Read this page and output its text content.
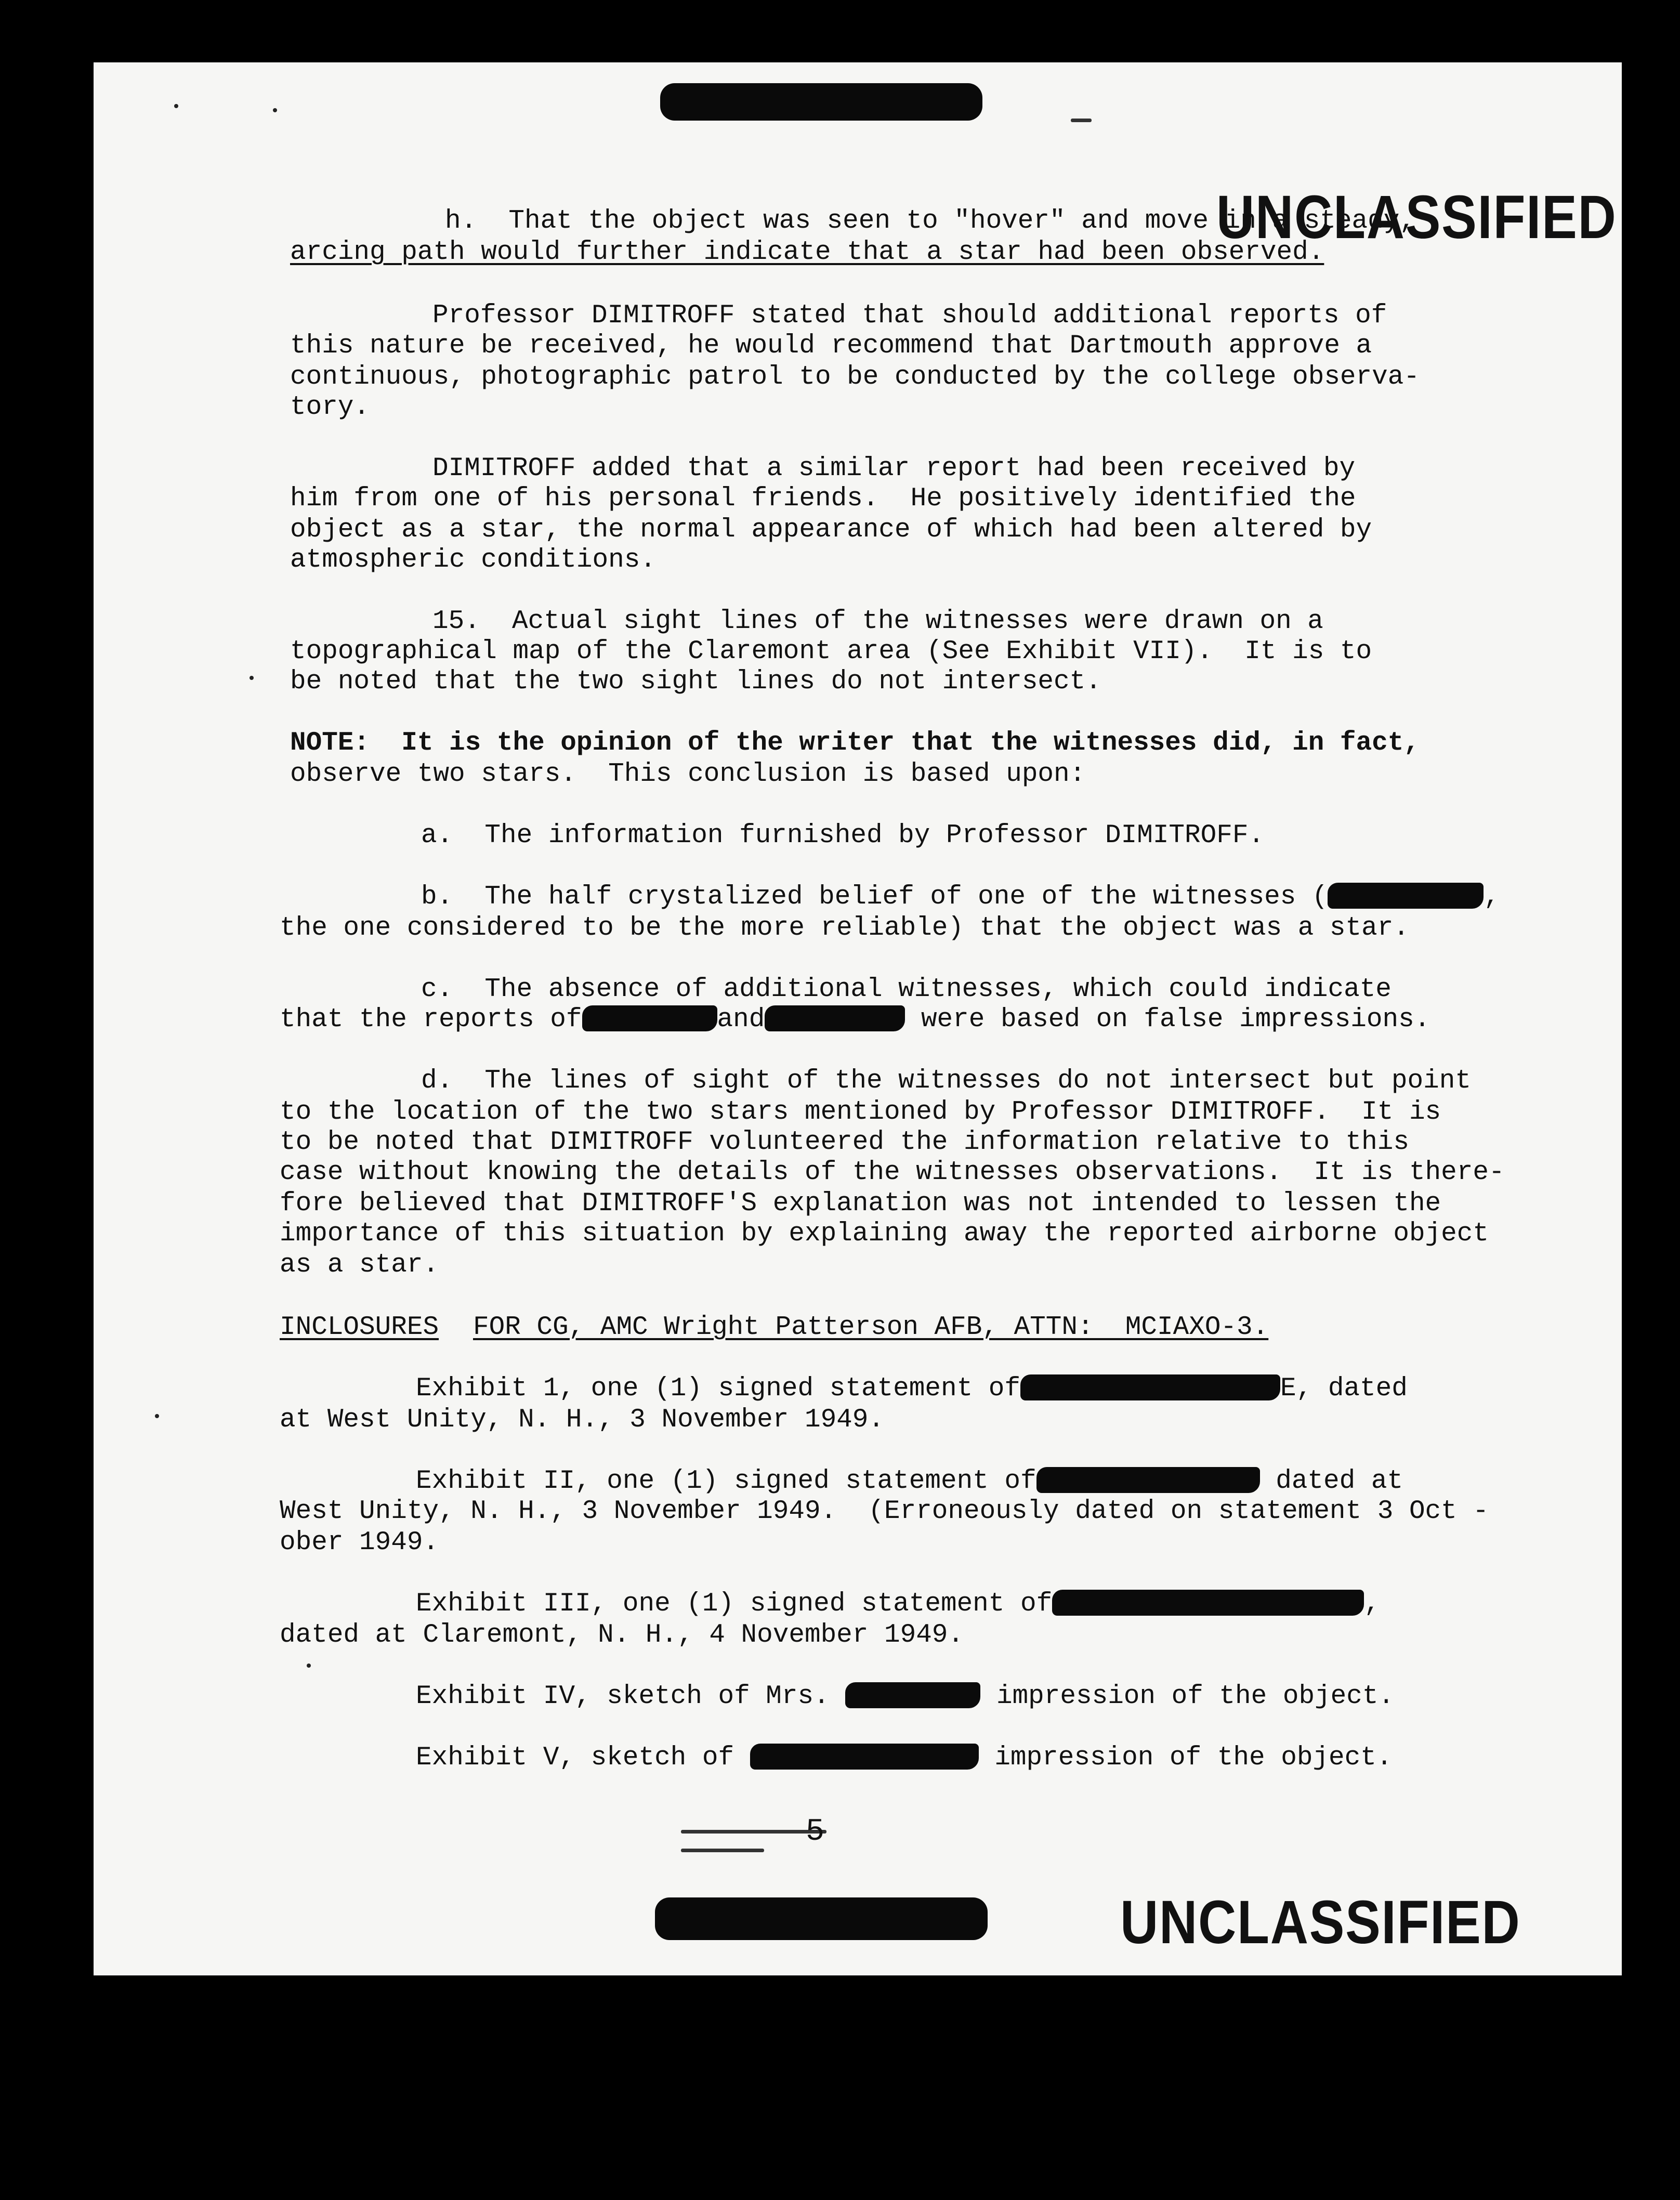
UNCLASSIFIED

h.  That the object was seen to "hover" and move in a steady,

arcing path would further indicate that a star had been observed.

Professor DIMITROFF stated that should additional reports of

this nature be received, he would recommend that Dartmouth approve a

continuous, photographic patrol to be conducted by the college observa-

tory.

DIMITROFF added that a similar report had been received by

him from one of his personal friends.  He positively identified the

object as a star, the normal appearance of which had been altered by

atmospheric conditions.

15.  Actual sight lines of the witnesses were drawn on a

topographical map of the Claremont area (See Exhibit VII).  It is to

be noted that the two sight lines do not intersect.

NOTE:  It is the opinion of the writer that the witnesses did, in fact,

observe two stars.  This conclusion is based upon:

a.  The information furnished by Professor DIMITROFF.

b.  The half crystalized belief of one of the witnesses (	,

the one considered to be the more reliable) that the object was a star.

c.  The absence of additional witnesses, which could indicate

that the reports of	and	were based on false impressions.

d.  The lines of sight of the witnesses do not intersect but point

to the location of the two stars mentioned by Professor DIMITROFF.  It is

to be noted that DIMITROFF volunteered the information relative to this

case without knowing the details of the witnesses observations.  It is there-

fore believed that DIMITROFF'S explanation was not intended to lessen the

importance of this situation by explaining away the reported airborne object

as a star.

INCLOSURES

FOR CG, AMC Wright Patterson AFB, ATTN:  MCIAXO-3.

Exhibit 1, one (1) signed statement of	E, dated

at West Unity, N. H., 3 November 1949.

Exhibit II, one (1) signed statement of	dated at

West Unity, N. H., 3 November 1949.  (Erroneously dated on statement 3 Oct -

ober 1949.

Exhibit III, one (1) signed statement of	,

dated at Claremont, N. H., 4 November 1949.

Exhibit IV, sketch of Mrs.	impression of the object.

Exhibit V, sketch of	impression of the object.

5
UNCLASSIFIED
